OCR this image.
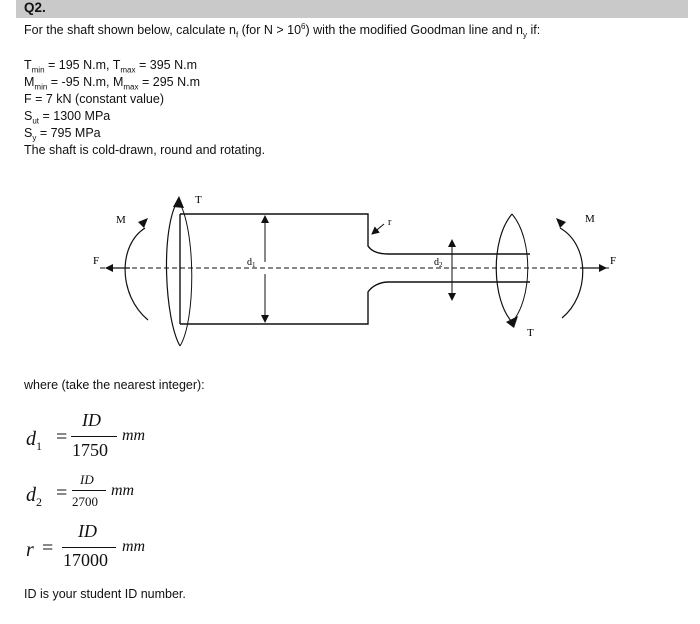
Q2.
For the shaft shown below, calculate $n_f$ (for $N > 10^6$) with the modified Goodman line and $n_y$ if:
$T_{min} = 195$ N.m, $T_{max} = 395$ N.m
$M_{min} = -95$ N.m, $M_{max} = 295$ N.m
F = 7 kN (constant value)
$S_{ut} = 1300$ MPa
$S_y = 795$ MPa
The shaft is cold-drawn, round and rotating.
M
T
F	$d_1$	$d_2$
r
T
M
F
where (take the nearest integer):
$d_1$ =
ID
1750
mm
$d_2$ =
ID
2700
mm
r =
ID
17000
mm
ID is your student ID number.
